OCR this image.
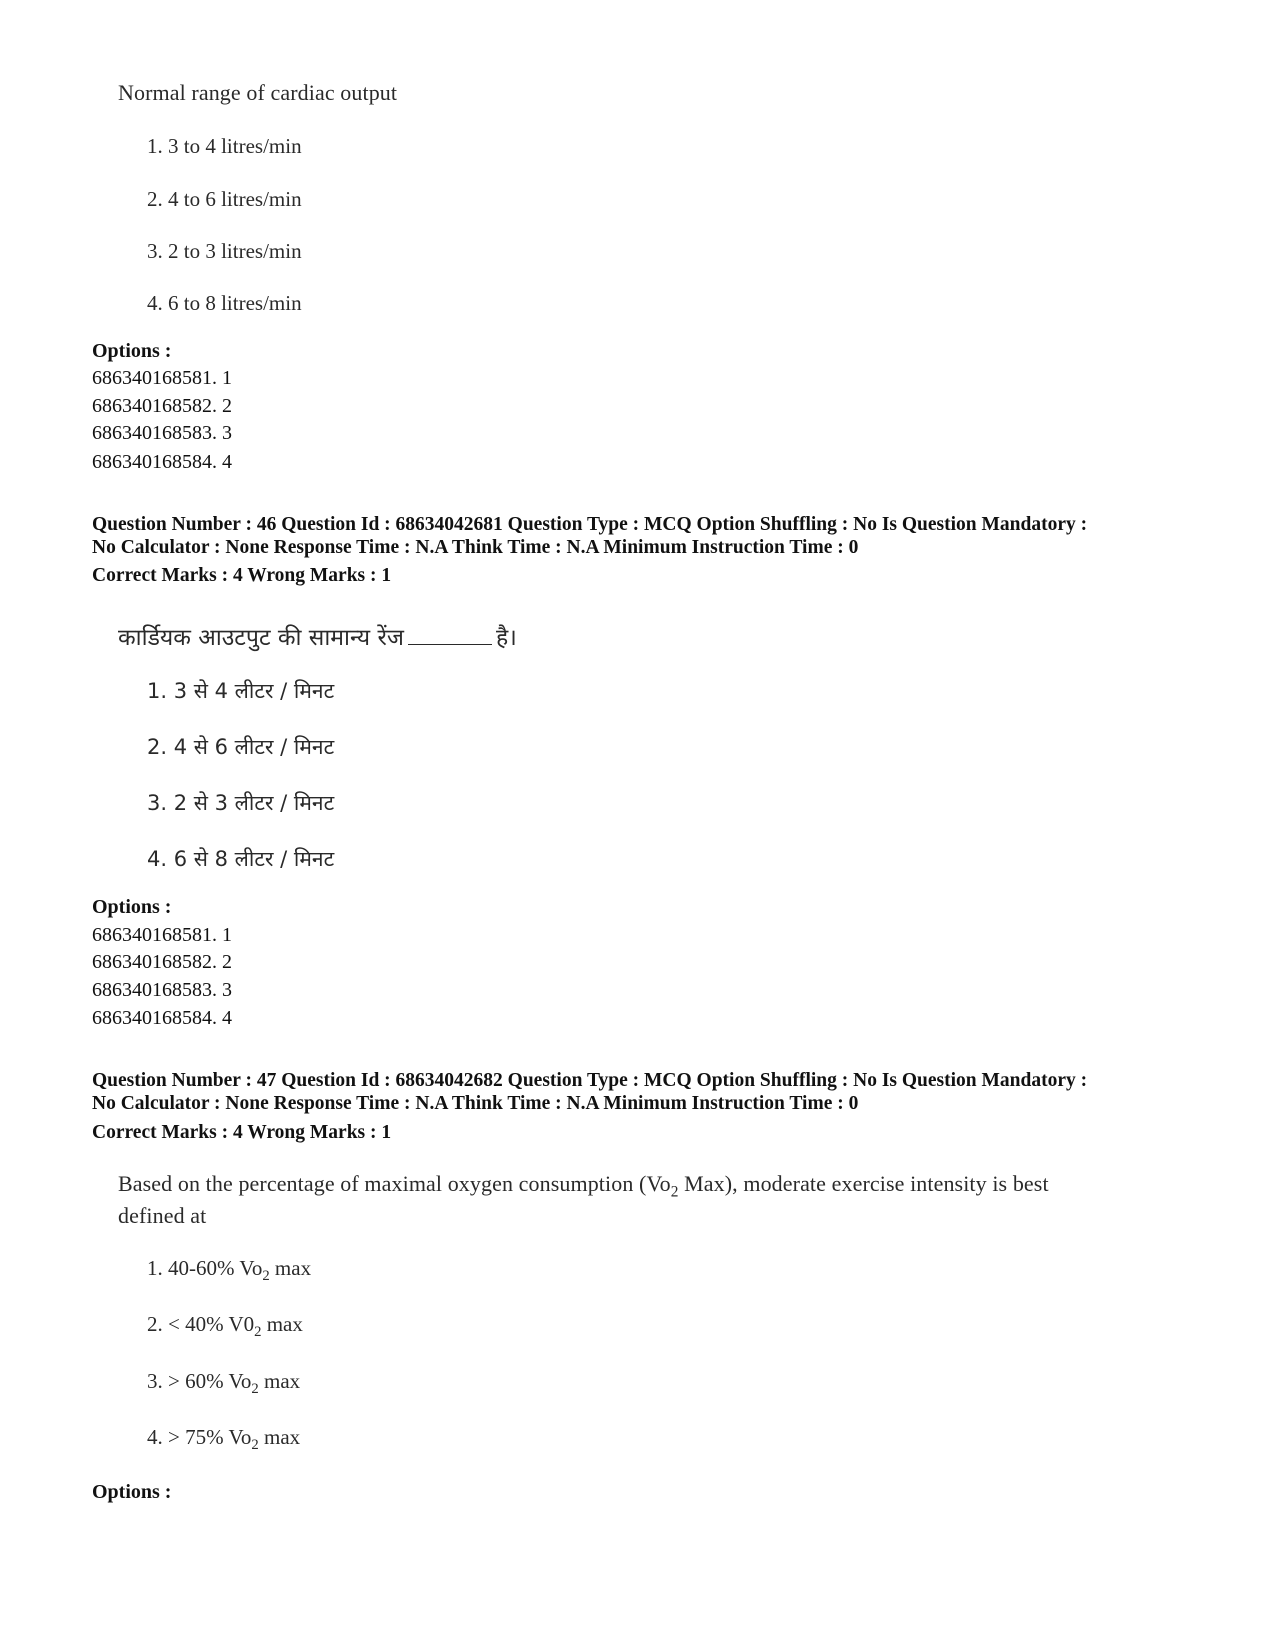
Normal range of cardiac output
1. 3 to 4 litres/min
2. 4 to 6 litres/min
3. 2 to 3 litres/min
4. 6 to 8 litres/min
Options :
686340168581. 1
686340168582. 2
686340168583. 3
686340168584. 4
Question Number : 46 Question Id : 68634042681 Question Type : MCQ Option Shuffling : No Is Question Mandatory :
No Calculator : None Response Time : N.A Think Time : N.A Minimum Instruction Time : 0
Correct Marks : 4 Wrong Marks : 1
कार्डियक आउटपुट की सामान्य रेंज	है।
1. 3 से 4 लीटर / मिनट
2. 4 से 6 लीटर / मिनट
3. 2 से 3 लीटर / मिनट
4. 6 से 8 लीटर / मिनट
Options :
686340168581. 1
686340168582. 2
686340168583. 3
686340168584. 4
Question Number : 47 Question Id : 68634042682 Question Type : MCQ Option Shuffling : No Is Question Mandatory :
No Calculator : None Response Time : N.A Think Time : N.A Minimum Instruction Time : 0
Correct Marks : 4 Wrong Marks : 1
Based on the percentage of maximal oxygen consumption ($Vo_2$ Max), moderate exercise intensity is best defined at
1. 40-60% $Vo_2$ max
2. < 40% $V0_2$ max
3. > 60% $Vo_2$ max
4. > 75% $Vo_2$ max
Options :
